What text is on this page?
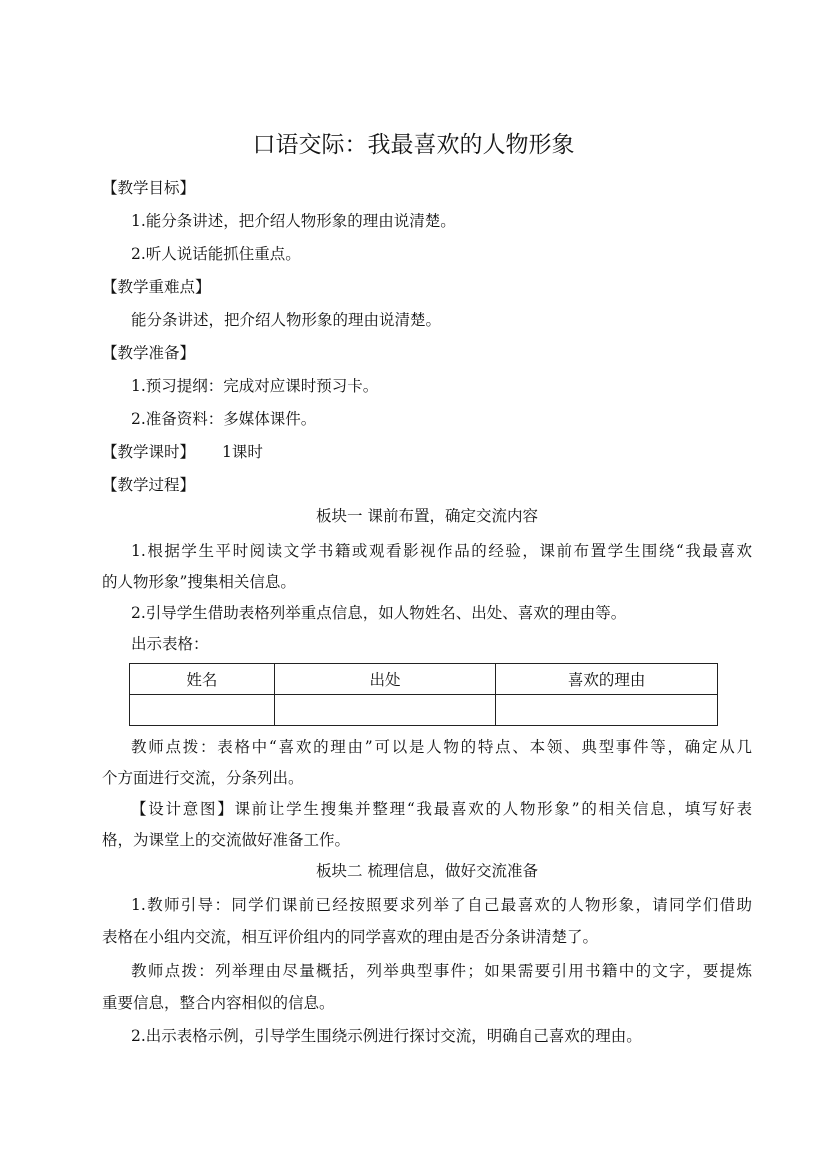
口语交际：我最喜欢的人物形象
【教学目标】
1.能分条讲述，把介绍人物形象的理由说清楚。
2.听人说话能抓住重点。
【教学重难点】
能分条讲述，把介绍人物形象的理由说清楚。
【教学准备】
1.预习提纲：完成对应课时预习卡。
2.准备资料：多媒体课件。
【教学课时】 1课时
【教学过程】
板块一 课前布置，确定交流内容
1.根据学生平时阅读文学书籍或观看影视作品的经验，课前布置学生围绕“我最喜欢
的人物形象”搜集相关信息。
2.引导学生借助表格列举重点信息，如人物姓名、出处、喜欢的理由等。
出示表格：
姓名	出处	喜欢的理由

教师点拨：表格中“喜欢的理由”可以是人物的特点、本领、典型事件等，确定从几
个方面进行交流，分条列出。
【设计意图】课前让学生搜集并整理“我最喜欢的人物形象”的相关信息，填写好表
格，为课堂上的交流做好准备工作。
板块二 梳理信息，做好交流准备
1.教师引导：同学们课前已经按照要求列举了自己最喜欢的人物形象，请同学们借助
表格在小组内交流，相互评价组内的同学喜欢的理由是否分条讲清楚了。
教师点拨：列举理由尽量概括，列举典型事件；如果需要引用书籍中的文字，要提炼
重要信息，整合内容相似的信息。
2.出示表格示例，引导学生围绕示例进行探讨交流，明确自己喜欢的理由。
